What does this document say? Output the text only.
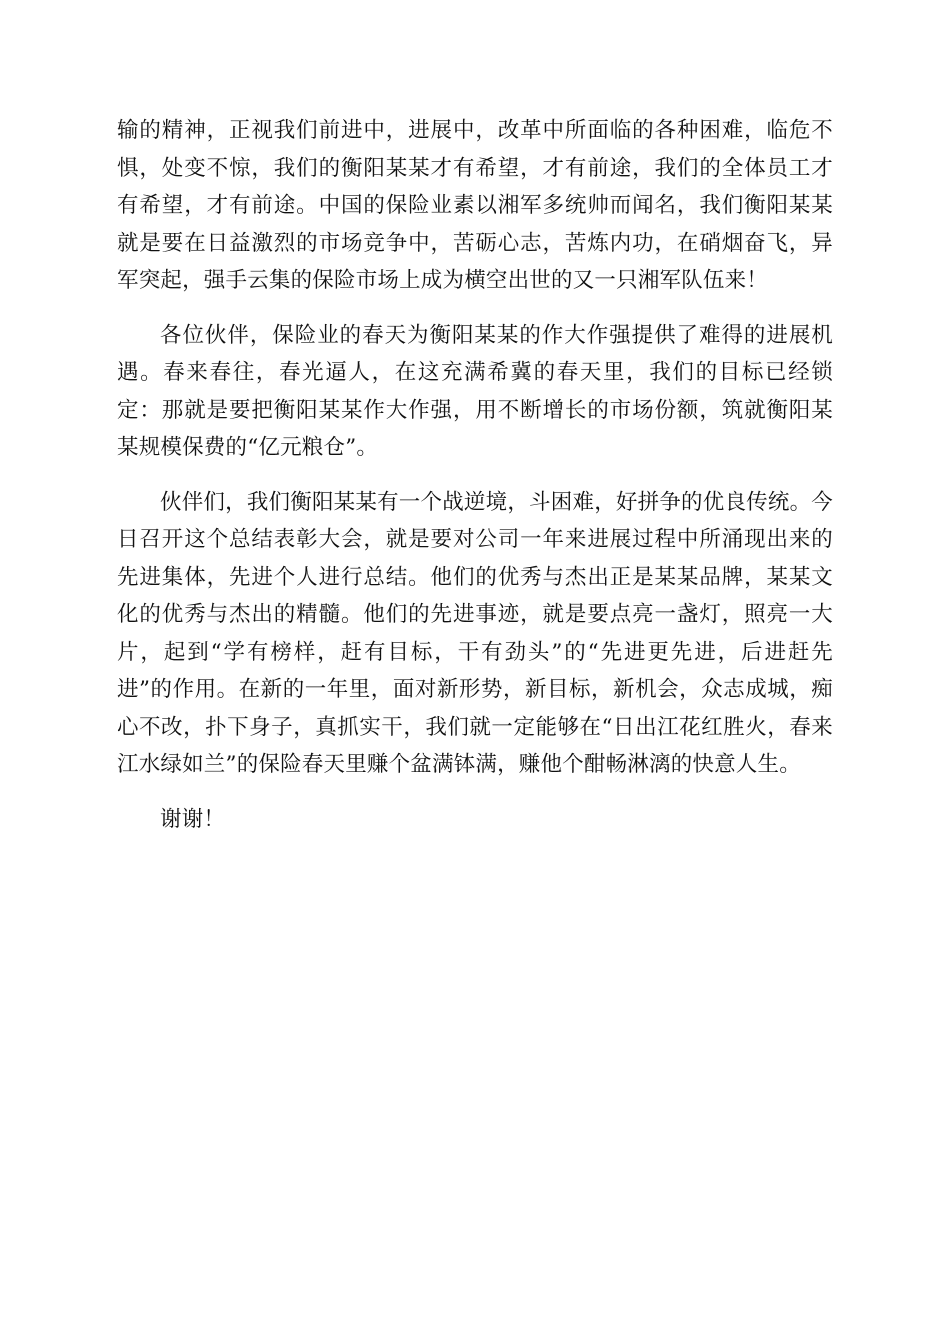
输的精神，正视我们前进中，进展中，改革中所面临的各种困难，临危不惧，处变不惊，我们的衡阳某某才有希望，才有前途，我们的全体员工才有希望，才有前途。中国的保险业素以湘军多统帅而闻名，我们衡阳某某就是要在日益激烈的市场竞争中，苦砺心志，苦炼内功，在硝烟奋飞，异军突起，强手云集的保险市场上成为横空出世的又一只湘军队伍来！

各位伙伴，保险业的春天为衡阳某某的作大作强提供了难得的进展机遇。春来春往，春光逼人，在这充满希冀的春天里，我们的目标已经锁定：那就是要把衡阳某某作大作强，用不断增长的市场份额，筑就衡阳某某规模保费的“亿元粮仓”。

伙伴们，我们衡阳某某有一个战逆境，斗困难，好拼争的优良传统。今日召开这个总结表彰大会，就是要对公司一年来进展过程中所涌现出来的先进集体，先进个人进行总结。他们的优秀与杰出正是某某品牌，某某文化的优秀与杰出的精髓。他们的先进事迹，就是要点亮一盏灯，照亮一大片，起到“学有榜样，赶有目标，干有劲头”的“先进更先进，后进赶先进”的作用。在新的一年里，面对新形势，新目标，新机会，众志成城，痴心不改，扑下身子，真抓实干，我们就一定能够在“日出江花红胜火，春来江水绿如兰”的保险春天里赚个盆满钵满，赚他个酣畅淋漓的快意人生。

谢谢！
